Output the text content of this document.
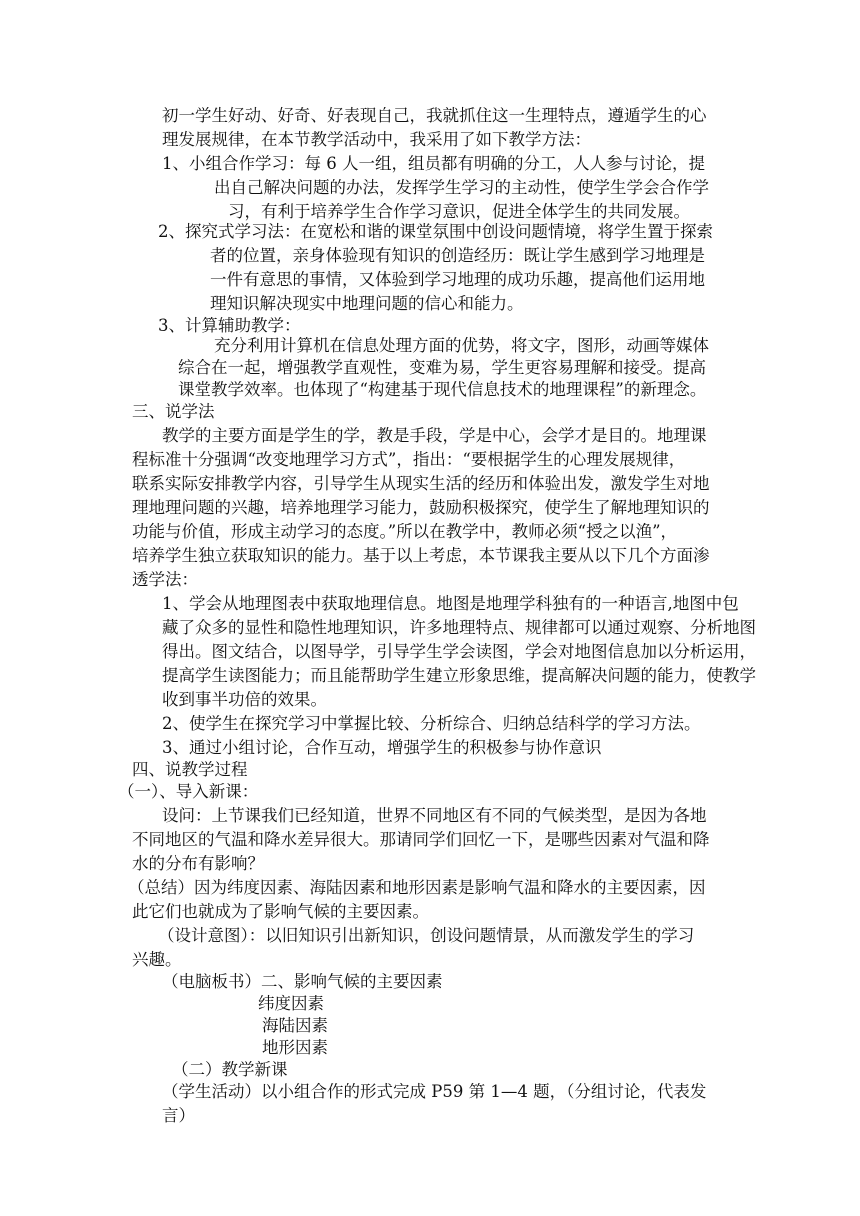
初一学生好动、好奇、好表现自己，我就抓住这一生理特点，遵遁学生的心
理发展规律，在本节教学活动中，我采用了如下教学方法：
1、小组合作学习：每 6 人一组，组员都有明确的分工，人人参与讨论，提
出自己解决问题的办法，发挥学生学习的主动性，使学生学会合作学
习，有利于培养学生合作学习意识，促进全体学生的共同发展。
2、探究式学习法：在宽松和谐的课堂氛围中创设问题情境，将学生置于探索
者的位置，亲身体验现有知识的创造经历：既让学生感到学习地理是
一件有意思的事情，又体验到学习地理的成功乐趣，提高他们运用地
理知识解决现实中地理问题的信心和能力。
3、计算辅助教学：
充分利用计算机在信息处理方面的优势，将文字，图形，动画等媒体
综合在一起，增强教学直观性，变难为易，学生更容易理解和接受。提高
课堂教学效率。也体现了“构建基于现代信息技术的地理课程”的新理念。
三、说学法
教学的主要方面是学生的学，教是手段，学是中心，会学才是目的。地理课
程标准十分强调“改变地理学习方式”，指出：“要根据学生的心理发展规律，
联系实际安排教学内容，引导学生从现实生活的经历和体验出发，激发学生对地
理地理问题的兴趣，培养地理学习能力，鼓励积极探究，使学生了解地理知识的
功能与价值，形成主动学习的态度。”所以在教学中，教师必须“授之以渔”，
培养学生独立获取知识的能力。基于以上考虑，本节课我主要从以下几个方面渗
透学法：
1、学会从地理图表中获取地理信息。地图是地理学科独有的一种语言,地图中包
藏了众多的显性和隐性地理知识，许多地理特点、规律都可以通过观察、分析地图
得出。图文结合，以图导学，引导学生学会读图，学会对地图信息加以分析运用，
提高学生读图能力；而且能帮助学生建立形象思维，提高解决问题的能力，使教学
收到事半功倍的效果。
2、使学生在探究学习中掌握比较、分析综合、归纳总结科学的学习方法。
3、通过小组讨论，合作互动，增强学生的积极参与协作意识
四、说教学过程
（一）、导入新课：
设问：上节课我们已经知道，世界不同地区有不同的气候类型，是因为各地
不同地区的气温和降水差异很大。那请同学们回忆一下，是哪些因素对气温和降
水的分布有影响？
（总结）因为纬度因素、海陆因素和地形因素是影响气温和降水的主要因素，因
此它们也就成为了影响气候的主要因素。
（设计意图）：以旧知识引出新知识，创设问题情景，从而激发学生的学习
兴趣。
（电脑板书）二、影响气候的主要因素
纬度因素
海陆因素
地形因素
（二）教学新课
（学生活动）以小组合作的形式完成 P59 第 1—4 题，（分组讨论，代表发
言）
